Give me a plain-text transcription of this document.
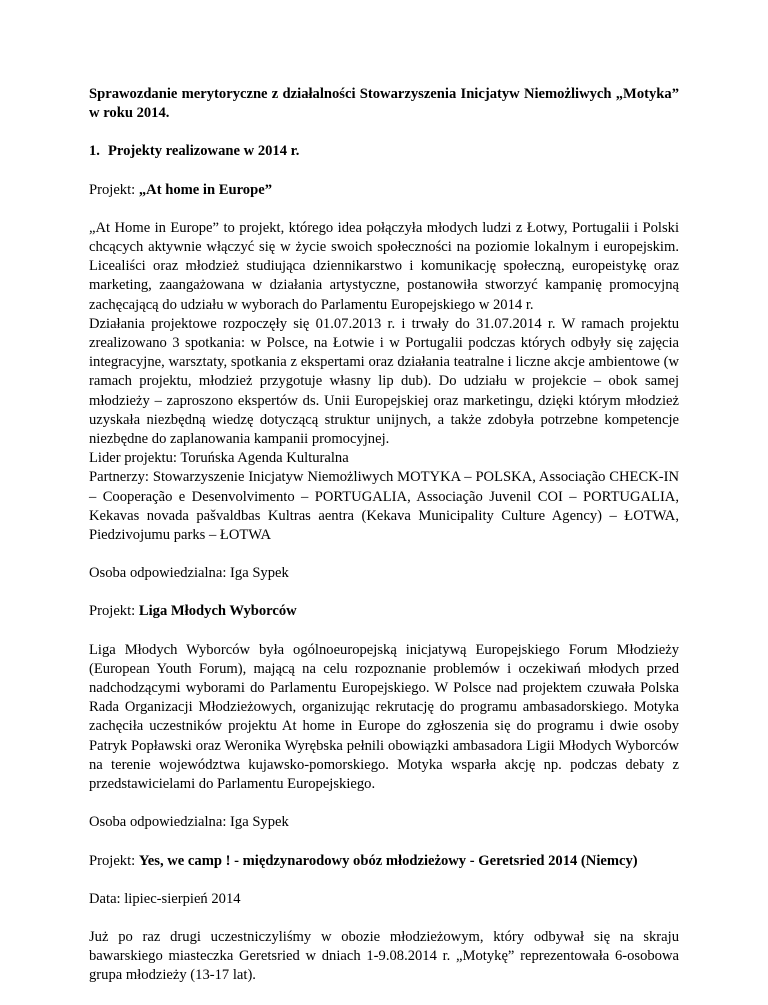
Sprawozdanie merytoryczne z działalności Stowarzyszenia Inicjatyw Niemożliwych „Motyka” w roku 2014.

1. Projekty realizowane w 2014 r.

Projekt: „At home in Europe”

„At Home in Europe” to projekt, którego idea połączyła młodych ludzi z Łotwy, Portugalii i Polski chcących aktywnie włączyć się w życie swoich społeczności na poziomie lokalnym i europejskim. Licealiści oraz młodzież studiująca dziennikarstwo i komunikację społeczną, europeistykę oraz marketing, zaangażowana w działania artystyczne, postanowiła stworzyć kampanię promocyjną zachęcającą do udziału w wyborach do Parlamentu Europejskiego w 2014 r.

Działania projektowe rozpoczęły się 01.07.2013 r. i trwały do 31.07.2014 r. W ramach projektu zrealizowano 3 spotkania: w Polsce, na Łotwie i w Portugalii podczas których odbyły się zajęcia integracyjne, warsztaty, spotkania z ekspertami oraz działania teatralne i liczne akcje ambientowe (w ramach projektu, młodzież przygotuje własny lip dub). Do udziału w projekcie – obok samej młodzieży – zaproszono ekspertów ds. Unii Europejskiej oraz marketingu, dzięki którym młodzież uzyskała niezbędną wiedzę dotyczącą struktur unijnych, a także zdobyła potrzebne kompetencje niezbędne do zaplanowania kampanii promocyjnej.

Lider projektu: Toruńska Agenda Kulturalna

Partnerzy: Stowarzyszenie Inicjatyw Niemożliwych MOTYKA – POLSKA, Associação CHECK-IN – Cooperação e Desenvolvimento – PORTUGALIA, Associação Juvenil COI – PORTUGALIA, Kekavas novada pašvaldbas Kultras aentra (Kekava Municipality Culture Agency) – ŁOTWA, Piedzivojumu parks – ŁOTWA

Osoba odpowiedzialna: Iga Sypek

Projekt: Liga Młodych Wyborców

Liga Młodych Wyborców była ogólnoeuropejską inicjatywą Europejskiego Forum Młodzieży (European Youth Forum), mającą na celu rozpoznanie problemów i oczekiwań młodych przed nadchodzącymi wyborami do Parlamentu Europejskiego. W Polsce nad projektem czuwała Polska Rada Organizacji Młodzieżowych, organizując rekrutację do programu ambasadorskiego. Motyka zachęciła uczestników projektu At home in Europe do zgłoszenia się do programu i dwie osoby Patryk Popławski oraz Weronika Wyrębska pełnili obowiązki ambasadora Ligii Młodych Wyborców na terenie województwa kujawsko-pomorskiego. Motyka wsparła akcję np. podczas debaty z przedstawicielami do Parlamentu Europejskiego.

Osoba odpowiedzialna: Iga Sypek

Projekt: Yes, we camp ! - międzynarodowy obóz młodzieżowy - Geretsried 2014 (Niemcy)

Data: lipiec-sierpień 2014

Już po raz drugi uczestniczyliśmy w obozie młodzieżowym, który odbywał się na skraju bawarskiego miasteczka Geretsried w dniach 1-9.08.2014 r. „Motykę” reprezentowała 6-osobowa grupa młodzieży (13-17 lat).
